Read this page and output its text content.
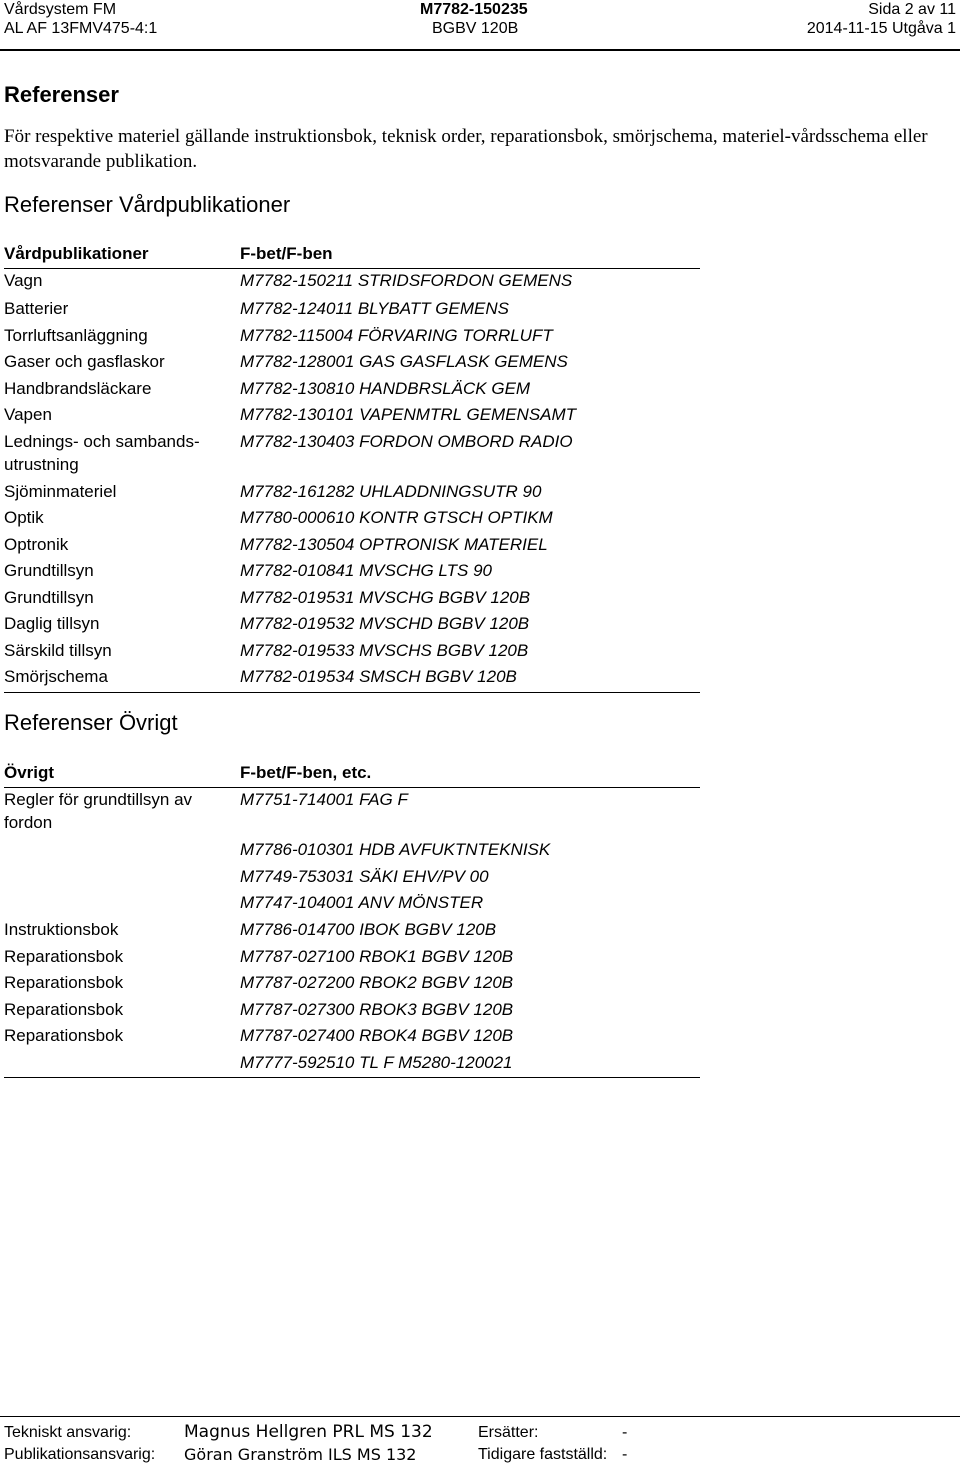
Vårdsystem FM
AL AF 13FMV475-4:1
M7782-150235
BGBV 120B
Sida 2 av 11
2014-11-15 Utgåva 1
Referenser
För respektive materiel gällande instruktionsbok, teknisk order, reparationsbok, smörjschema, materiel-vårdsschema eller motsvarande publikation.
Referenser Vårdpublikationer
Vårdpublikationer	F-bet/F-ben
Vagn	M7782-150211 STRIDSFORDON GEMENS
Batterier	M7782-124011 BLYBATT GEMENS
Torrluftsanläggning	M7782-115004 FÖRVARING TORRLUFT
Gaser och gasflaskor	M7782-128001 GAS GASFLASK GEMENS
Handbrandsläckare	M7782-130810 HANDBRSLÄCK GEM
Vapen	M7782-130101 VAPENMTRL GEMENSAMT
Lednings- och sambands-utrustning	M7782-130403 FORDON OMBORD RADIO
Sjöminmateriel	M7782-161282 UHLADDNINGSUTR 90
Optik	M7780-000610 KONTR GTSCH OPTIKM
Optronik	M7782-130504 OPTRONISK MATERIEL
Grundtillsyn	M7782-010841 MVSCHG LTS 90
Grundtillsyn	M7782-019531 MVSCHG BGBV 120B
Daglig tillsyn	M7782-019532 MVSCHD BGBV 120B
Särskild tillsyn	M7782-019533 MVSCHS BGBV 120B
Smörjschema	M7782-019534 SMSCH BGBV 120B
Referenser Övrigt
Övrigt	F-bet/F-ben, etc.
Regler för grundtillsyn av fordon	M7751-714001 FAG F
	M7786-010301 HDB AVFUKTNTEKNISK
	M7749-753031 SÄKI EHV/PV 00
	M7747-104001 ANV MÖNSTER
Instruktionsbok	M7786-014700 IBOK BGBV 120B
Reparationsbok	M7787-027100 RBOK1 BGBV 120B
Reparationsbok	M7787-027200 RBOK2 BGBV 120B
Reparationsbok	M7787-027300 RBOK3 BGBV 120B
Reparationsbok	M7787-027400 RBOK4 BGBV 120B
	M7777-592510 TL F M5280-120021
Tekniskt ansvarig:	Magnus Hellgren PRL MS 132	Ersätter:	-
Publikationsansvarig: Göran Granström ILS MS 132	Tidigare fastställd: -
